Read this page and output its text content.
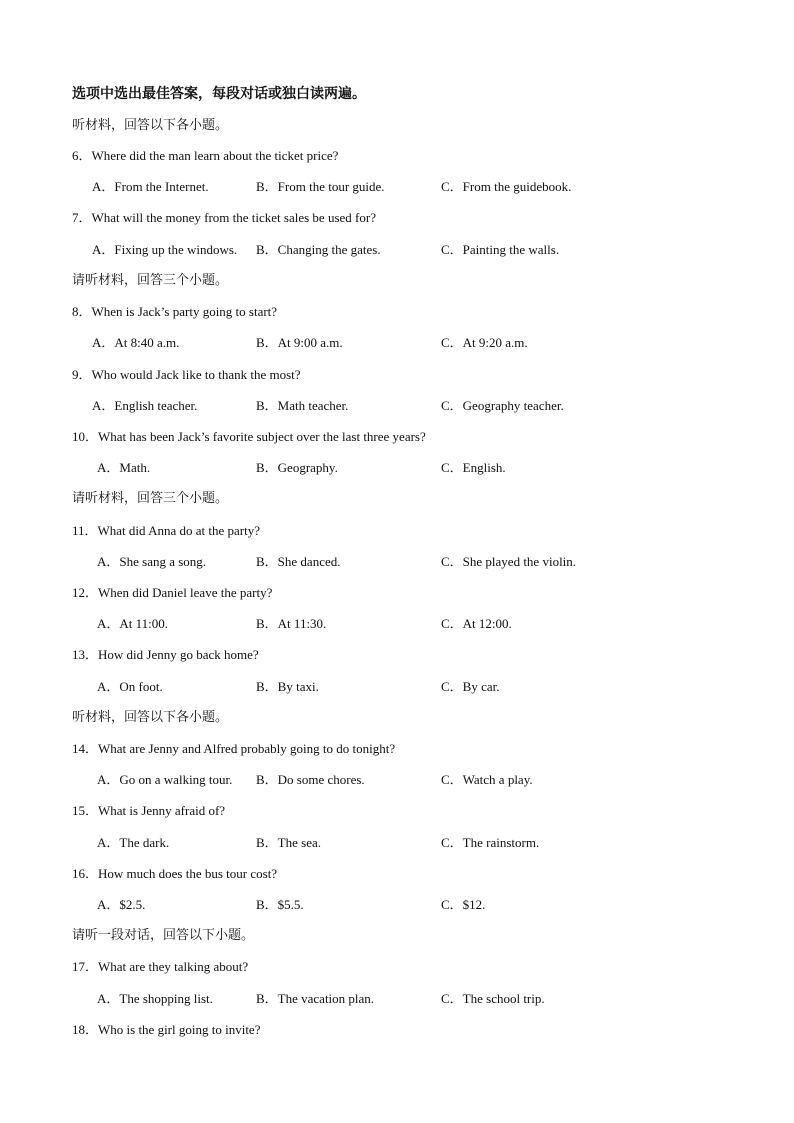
选项中选出最佳答案，每段对话或独白读两遍。
听材料，回答以下各小题。
6．Where did the man learn about the ticket price?
A．From the Internet.	B．From the tour guide.	C．From the guidebook.
7．What will the money from the ticket sales be used for?
A．Fixing up the windows. B．Changing the gates.	C．Painting the walls.
请听材料，回答三个小题。
8．When is Jack’s party going to start?
A．At 8:40 a.m.	B．At 9:00 a.m.	C．At 9:20 a.m.
9．Who would Jack like to thank the most?
A．English teacher.	B．Math teacher.	C．Geography teacher.
10．What has been Jack’s favorite subject over the last three years?
A．Math.	B．Geography.	C．English.
请听材料，回答三个小题。
11．What did Anna do at the party?
A．She sang a song.	B．She danced.	C．She played the violin.
12．When did Daniel leave the party?
A．At 11:00.	B．At 11:30.	C．At 12:00.
13．How did Jenny go back home?
A．On foot.	B．By taxi.	C．By car.
听材料，回答以下各小题。
14．What are Jenny and Alfred probably going to do tonight?
A．Go on a walking tour. B．Do some chores.	C．Watch a play.
15．What is Jenny afraid of?
A．The dark.	B．The sea.	C．The rainstorm.
16．How much does the bus tour cost?
A．$2.5.	B．$5.5.	C．$12.
请听一段对话，回答以下小题。
17．What are they talking about?
A．The shopping list.	B．The vacation plan.	C．The school trip.
18．Who is the girl going to invite?
